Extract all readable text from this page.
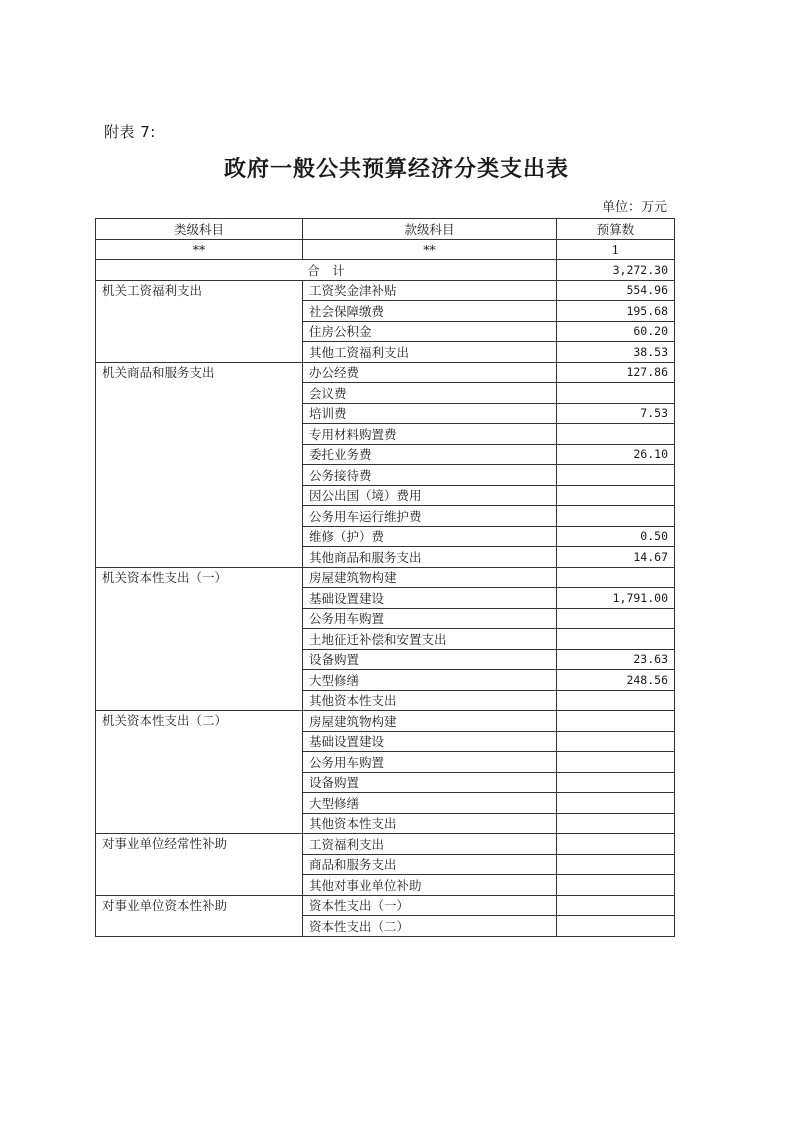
附表 7:
政府一般公共预算经济分类支出表
单位：万元
类级科目	款级科目	预算数
**	**	1
合　计		3,272.30
机关工资福利支出	工资奖金津补贴	554.96
	社会保障缴费	195.68
	住房公积金	60.20
	其他工资福利支出	38.53
机关商品和服务支出	办公经费	127.86
	会议费	
	培训费	7.53
	专用材料购置费	
	委托业务费	26.10
	公务接待费	
	因公出国（境）费用	
	公务用车运行维护费	
	维修（护）费	0.50
	其他商品和服务支出	14.67
机关资本性支出（一）	房屋建筑物构建	
	基础设置建设	1,791.00
	公务用车购置	
	土地征迁补偿和安置支出	
	设备购置	23.63
	大型修缮	248.56
	其他资本性支出	
机关资本性支出（二）	房屋建筑物构建	
	基础设置建设	
	公务用车购置	
	设备购置	
	大型修缮	
	其他资本性支出	
对事业单位经常性补助	工资福利支出	
	商品和服务支出	
	其他对事业单位补助	
对事业单位资本性补助	资本性支出（一）	
	资本性支出（二）	
